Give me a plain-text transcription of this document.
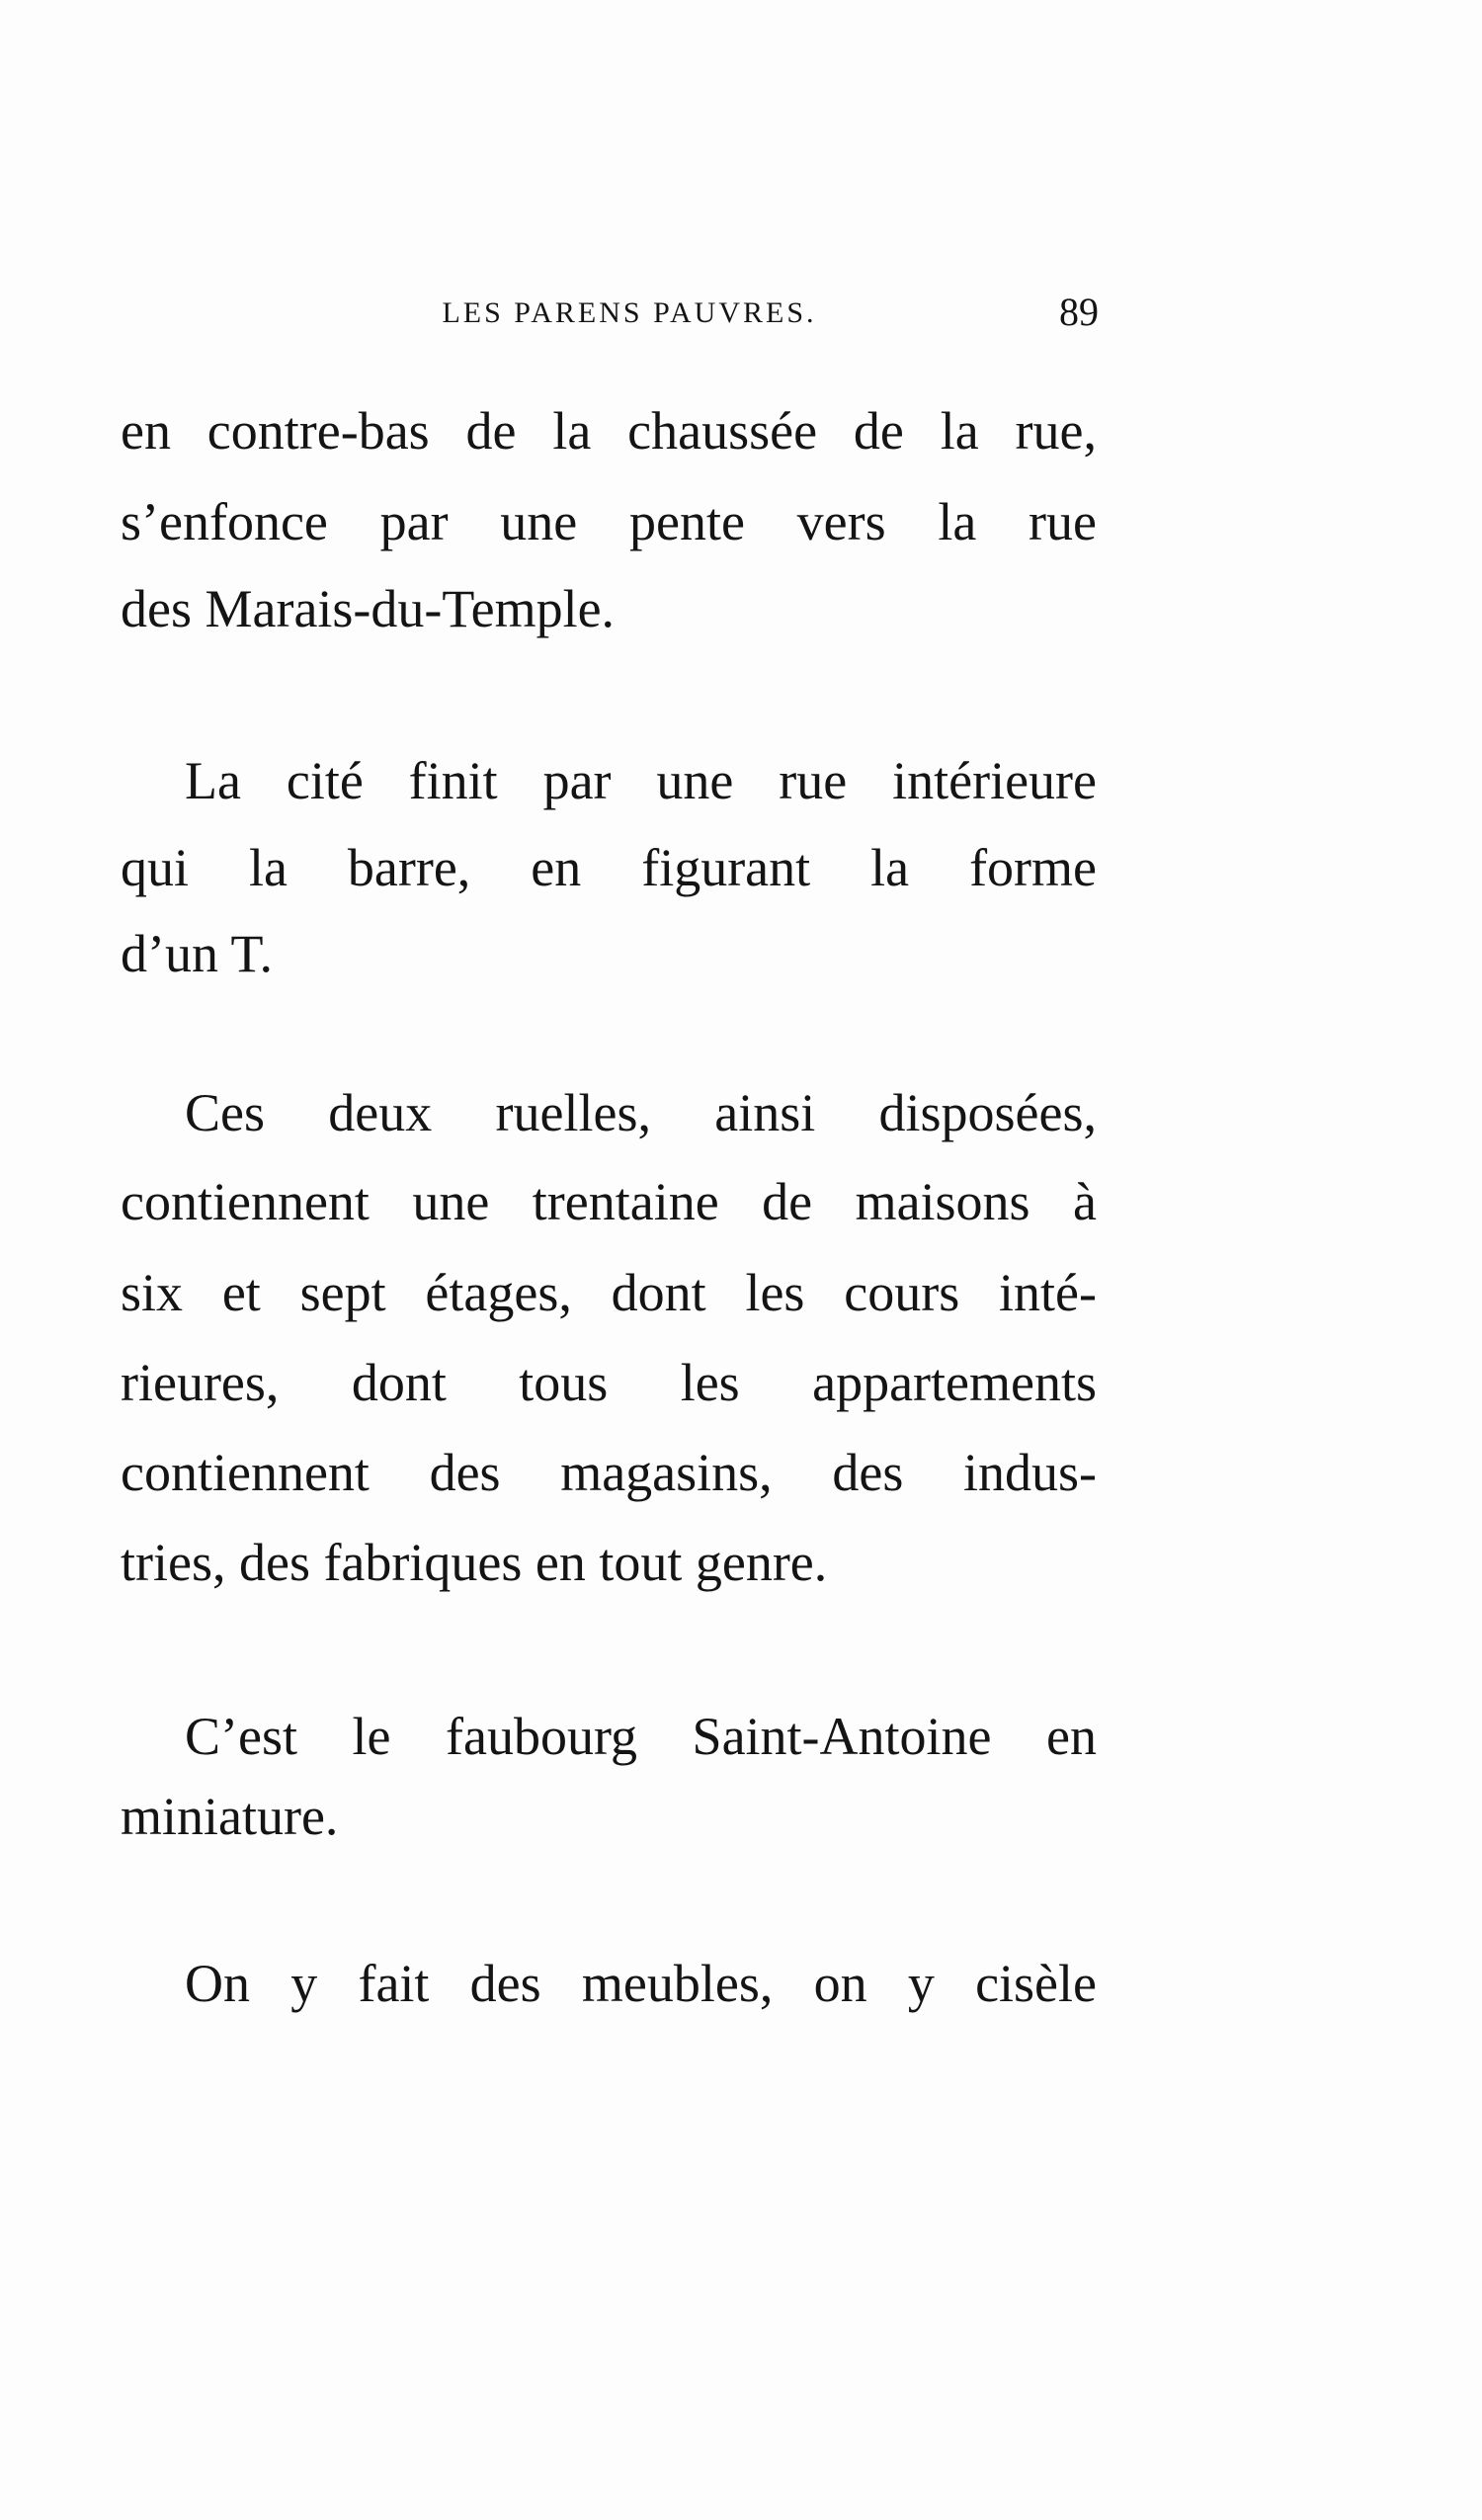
LES PARENS PAUVRES.	89
en contre-bas de la chaussée de la rue,
s’enfonce par une pente vers la rue
des Marais-du-Temple.
La cité finit par une rue intérieure
qui la barre, en figurant la forme
d’un T.
Ces deux ruelles, ainsi disposées,
contiennent une trentaine de maisons à
six et sept étages, dont les cours inté-
rieures, dont tous les appartements
contiennent des magasins, des indus-
tries, des fabriques en tout genre.
C’est le faubourg Saint-Antoine en
miniature.
On y fait des meubles, on y cisèle
